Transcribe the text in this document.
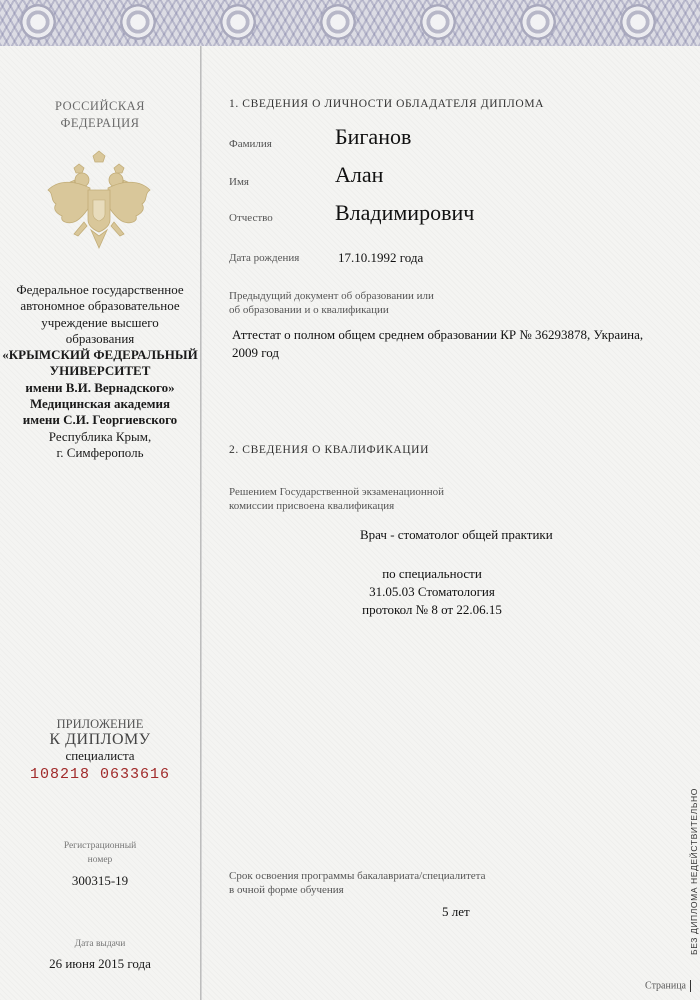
РОССИЙСКАЯ
ФЕДЕРАЦИЯ
Федеральное государственное
автономное образовательное
учреждение высшего
образования
«КРЫМСКИЙ ФЕДЕРАЛЬНЫЙ
УНИВЕРСИТЕТ
имени В.И. Вернадского»
Медицинская академия
имени С.И. Георгиевского
Республика Крым,
г. Симферополь
ПРИЛОЖЕНИЕ
К ДИПЛОМУ
специалиста
108218 0633616
Регистрационный
номер
300315-19
Дата выдачи
26 июня 2015 года
1. СВЕДЕНИЯ О ЛИЧНОСТИ ОБЛАДАТЕЛЯ ДИПЛОМА
Фамилия	Биганов
Имя	Алан
Отчество	Владимирович
Дата рождения	17.10.1992 года
Предыдущий документ об образовании или
об образовании и о квалификации
Аттестат о полном общем среднем образовании КР № 36293878, Украина,
2009 год
2. СВЕДЕНИЯ О КВАЛИФИКАЦИИ
Решением Государственной экзаменационной
комиссии присвоена квалификация
Врач - стоматолог общей практики
по специальности
31.05.03 Стоматология
протокол № 8 от 22.06.15
Срок освоения программы бакалавриата/специалитета
в очной форме обучения
5 лет	БЕЗ ДИПЛОМА НЕДЕЙСТВИТЕЛЬНО
Страница
